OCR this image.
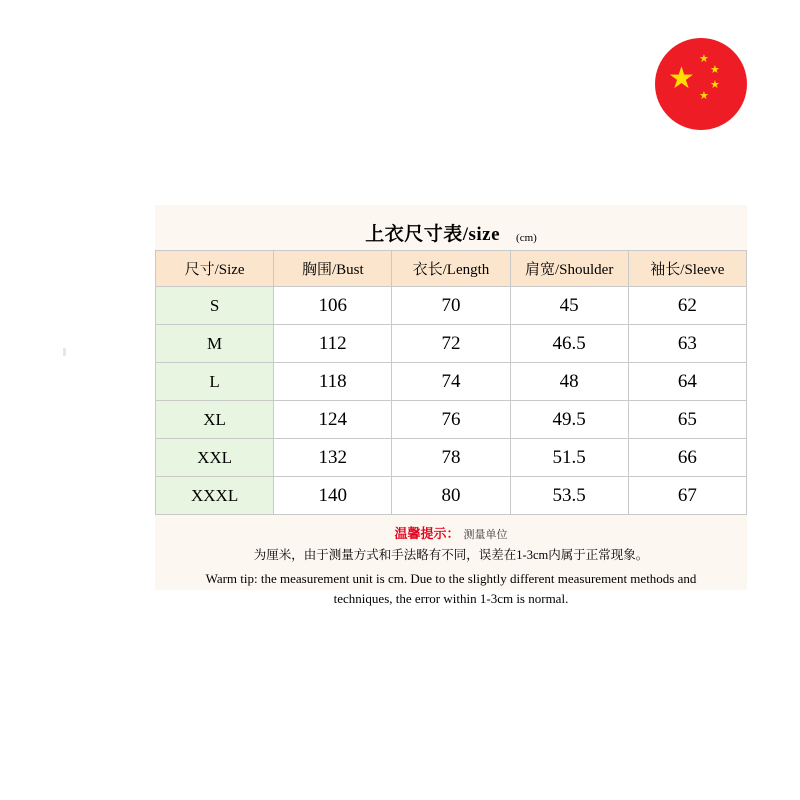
★
★
★
★
★
上衣尺寸表/size (cm)
尺寸/Size	胸围/Bust	衣长/Length	肩宽/Shoulder	袖长/Sleeve
S	106	70	45	62
M	112	72	46.5	63
L	118	74	48	64
XL	124	76	49.5	65
XXL	132	78	51.5	66
XXXL	140	80	53.5	67
温馨提示： 测量单位
为厘米，由于测量方式和手法略有不同，误差在1-3cm内属于正常现象。
Warm tip: the measurement unit is cm. Due to the slightly different measurement methods and techniques, the error within 1-3cm is normal.
